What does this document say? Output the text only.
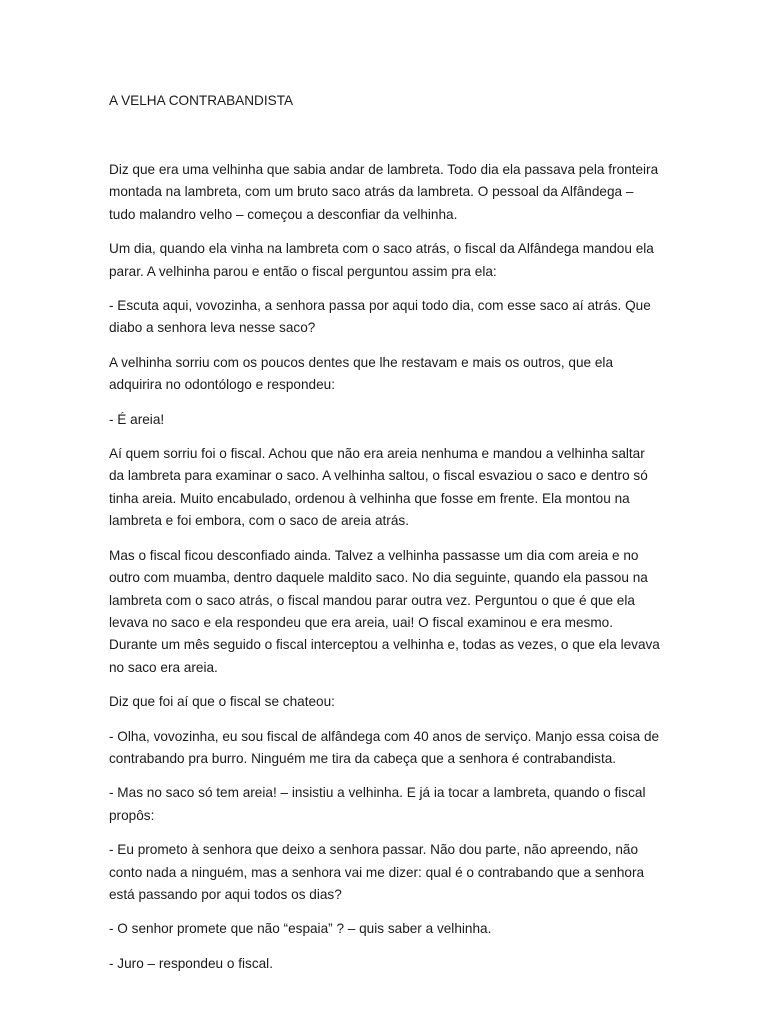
A VELHA CONTRABANDISTA

Diz que era uma velhinha que sabia andar de lambreta. Todo dia ela passava pela fronteira montada na lambreta, com um bruto saco atrás da lambreta. O pessoal da Alfândega – tudo malandro velho – começou a desconfiar da velhinha.

Um dia, quando ela vinha na lambreta com o saco atrás, o fiscal da Alfândega mandou ela parar. A velhinha parou e então o fiscal perguntou assim pra ela:

- Escuta aqui, vovozinha, a senhora passa por aqui todo dia, com esse saco aí atrás. Que diabo a senhora leva nesse saco?

A velhinha sorriu com os poucos dentes que lhe restavam e mais os outros, que ela adquirira no odontólogo e respondeu:

- É areia!

Aí quem sorriu foi o fiscal. Achou que não era areia nenhuma e mandou a velhinha saltar da lambreta para examinar o saco. A velhinha saltou, o fiscal esvaziou o saco e dentro só tinha areia. Muito encabulado, ordenou à velhinha que fosse em frente. Ela montou na lambreta e foi embora, com o saco de areia atrás.

Mas o fiscal ficou desconfiado ainda. Talvez a velhinha passasse um dia com areia e no outro com muamba, dentro daquele maldito saco. No dia seguinte, quando ela passou na lambreta com o saco atrás, o fiscal mandou parar outra vez. Perguntou o que é que ela levava no saco e ela respondeu que era areia, uai! O fiscal examinou e era mesmo. Durante um mês seguido o fiscal interceptou a velhinha e, todas as vezes, o que ela levava no saco era areia.

Diz que foi aí que o fiscal se chateou:

- Olha, vovozinha, eu sou fiscal de alfândega com 40 anos de serviço. Manjo essa coisa de contrabando pra burro. Ninguém me tira da cabeça que a senhora é contrabandista.

- Mas no saco só tem areia! – insistiu a velhinha. E já ia tocar a lambreta, quando o fiscal propôs:

- Eu prometo à senhora que deixo a senhora passar. Não dou parte, não apreendo, não conto nada a ninguém, mas a senhora vai me dizer: qual é o contrabando que a senhora está passando por aqui todos os dias?

- O senhor promete que não “espaia” ? – quis saber a velhinha.

- Juro – respondeu o fiscal.
